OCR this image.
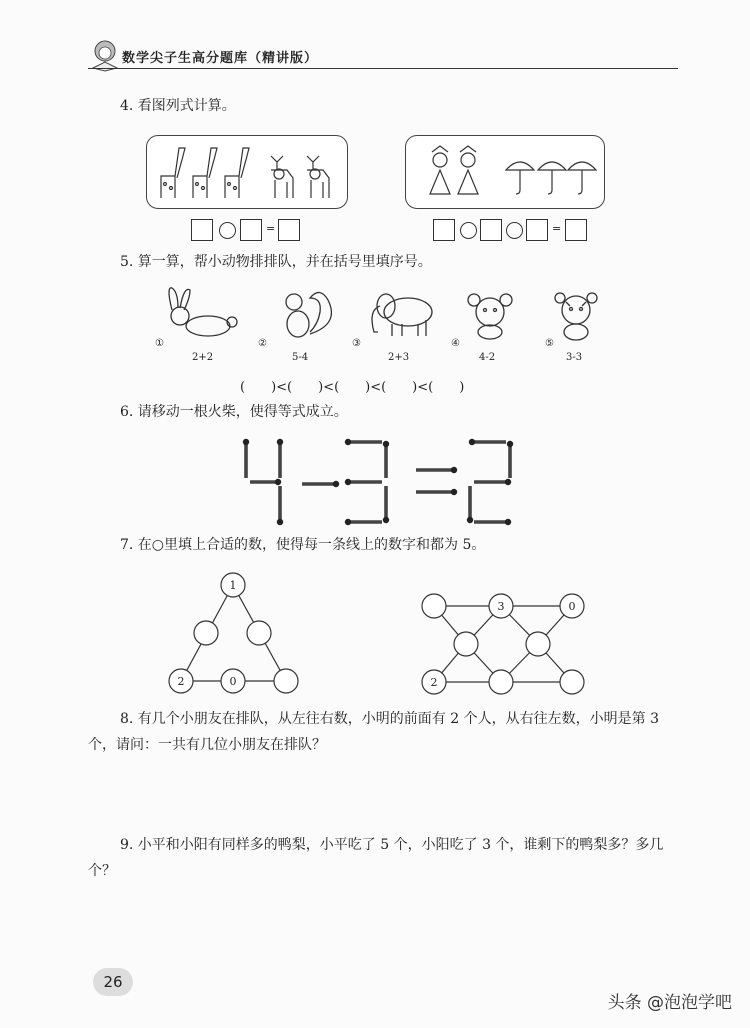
数学尖子生高分题库（精讲版）
4. 看图列式计算。
=	=
5. 算一算，帮小动物排排队，并在括号里填序号。
①
2+2
②
5-4
③
2+3
④
4-2
⑤
3-3
(　　)<(　　)<(　　)<(　　)<(　　)
6. 请移动一根火柴，使得等式成立。
7. 在○里填上合适的数，使得每一条线上的数字和都为 5。
1
2	0
3	0
2
8. 有几个小朋友在排队，从左往右数，小明的前面有 2 个人，从右往左数，小明是第 3 个，请问：一共有几位小朋友在排队？
9. 小平和小阳有同样多的鸭梨，小平吃了 5 个，小阳吃了 3 个，谁剩下的鸭梨多？多几个？
26
头条 @泡泡学吧
